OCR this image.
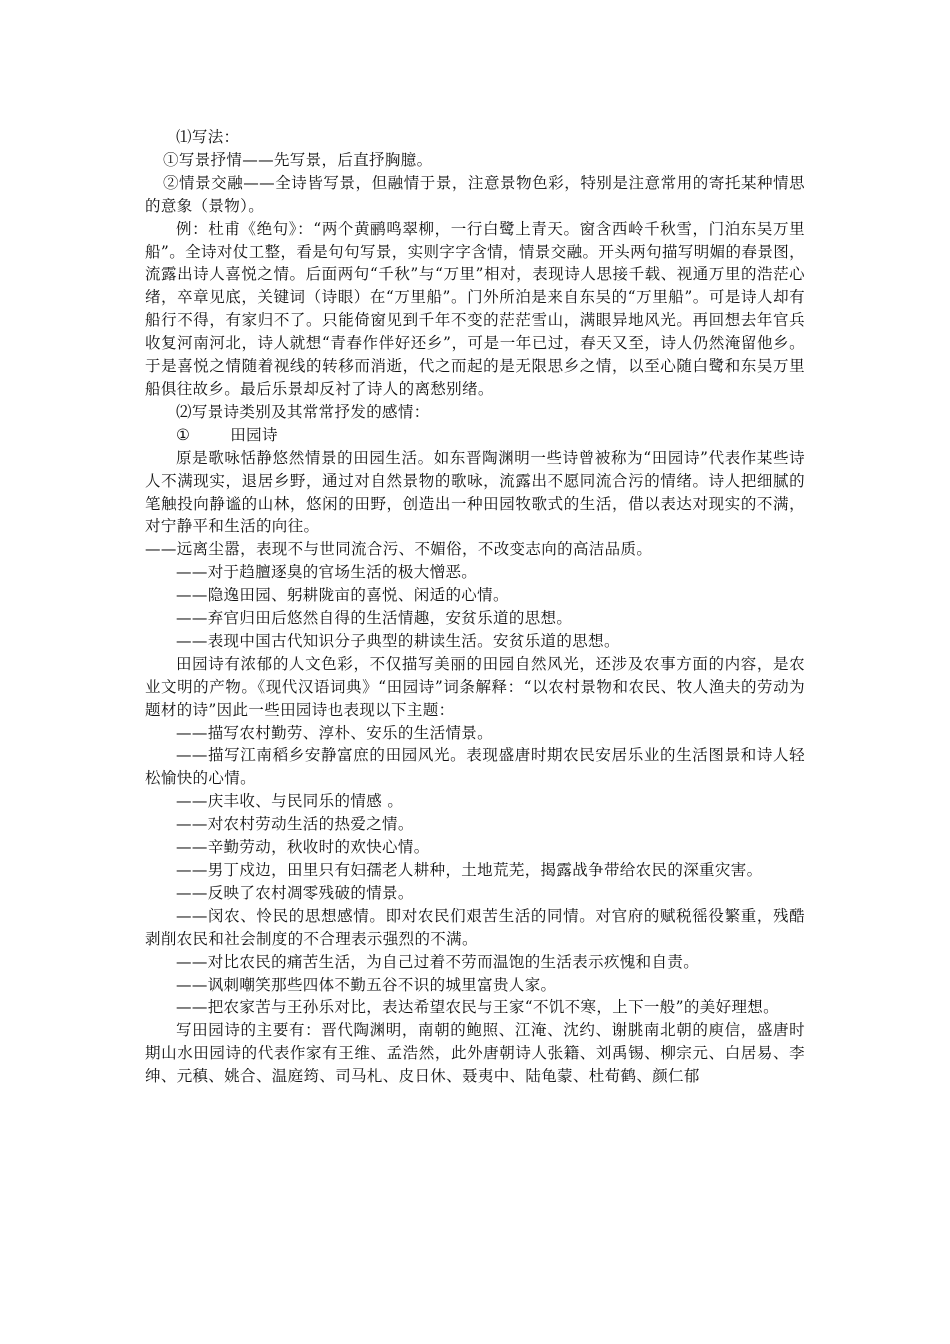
⑴写法：

①写景抒情——先写景，后直抒胸臆。

②情景交融——全诗皆写景，但融情于景，注意景物色彩，特别是注意常用的寄托某种情思的意象（景物）。

例：杜甫《绝句》：“两个黄鹂鸣翠柳，一行白鹭上青天。窗含西岭千秋雪，门泊东吴万里船”。全诗对仗工整，看是句句写景，实则字字含情，情景交融。开头两句描写明媚的春景图，流露出诗人喜悦之情。后面两句“千秋”与“万里”相对，表现诗人思接千载、视通万里的浩茫心绪，卒章见底，关键词（诗眼）在“万里船”。门外所泊是来自东吴的“万里船”。可是诗人却有船行不得，有家归不了。只能倚窗见到千年不变的茫茫雪山，满眼异地风光。再回想去年官兵收复河南河北，诗人就想“青春作伴好还乡”，可是一年已过，春天又至，诗人仍然淹留他乡。于是喜悦之情随着视线的转移而消逝，代之而起的是无限思乡之情，以至心随白鹭和东吴万里船俱往故乡。最后乐景却反衬了诗人的离愁别绪。

⑵写景诗类别及其常常抒发的感情：

①	田园诗

原是歌咏恬静悠然情景的田园生活。如东晋陶渊明一些诗曾被称为“田园诗”代表作某些诗人不满现实，退居乡野，通过对自然景物的歌咏，流露出不愿同流合污的情绪。诗人把细腻的笔触投向静谧的山林，悠闲的田野，创造出一种田园牧歌式的生活，借以表达对现实的不满，对宁静平和生活的向往。

——远离尘嚣，表现不与世同流合污、不媚俗，不改变志向的高洁品质。

——对于趋膻逐臭的官场生活的极大憎恶。

——隐逸田园、躬耕陇亩的喜悦、闲适的心情。

——弃官归田后悠然自得的生活情趣，安贫乐道的思想。

——表现中国古代知识分子典型的耕读生活。安贫乐道的思想。

田园诗有浓郁的人文色彩，不仅描写美丽的田园自然风光，还涉及农事方面的内容，是农业文明的产物。《现代汉语词典》“田园诗”词条解释：“以农村景物和农民、牧人渔夫的劳动为题材的诗”因此一些田园诗也表现以下主题：

——描写农村勤劳、淳朴、安乐的生活情景。

——描写江南稻乡安静富庶的田园风光。表现盛唐时期农民安居乐业的生活图景和诗人轻松愉快的心情。

——庆丰收、与民同乐的情感 。

——对农村劳动生活的热爱之情。

——辛勤劳动，秋收时的欢快心情。

——男丁戍边，田里只有妇孺老人耕种，土地荒芜，揭露战争带给农民的深重灾害。

——反映了农村凋零残破的情景。

——闵农、怜民的思想感情。即对农民们艰苦生活的同情。对官府的赋税徭役繁重，残酷剥削农民和社会制度的不合理表示强烈的不满。

——对比农民的痛苦生活，为自己过着不劳而温饱的生活表示疚愧和自责。

——讽刺嘲笑那些四体不勤五谷不识的城里富贵人家。

——把农家苦与王孙乐对比，表达希望农民与王家“不饥不寒，上下一般”的美好理想。

写田园诗的主要有：晋代陶渊明，南朝的鲍照、江淹、沈约、谢朓南北朝的庾信，盛唐时期山水田园诗的代表作家有王维、孟浩然，此外唐朝诗人张籍、刘禹锡、柳宗元、白居易、李绅、元稹、姚合、温庭筠、司马札、皮日休、聂夷中、陆龟蒙、杜荀鹤、颜仁郁
